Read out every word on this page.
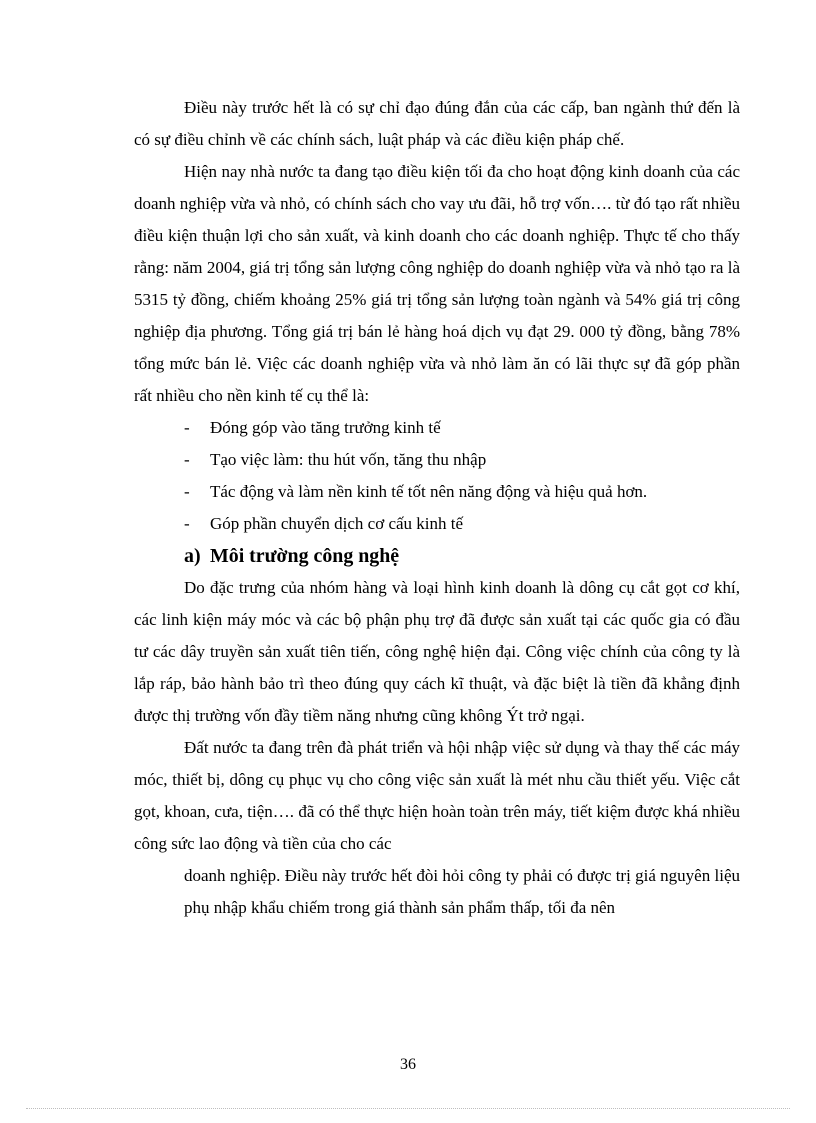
Điều này trước hết là có sự chỉ đạo đúng đắn của các cấp, ban ngành thứ đến là có sự điều chỉnh về các chính sách, luật pháp và các điều kiện pháp chế.

Hiện nay nhà nước ta đang tạo điều kiện tối đa cho hoạt động kinh doanh của các doanh nghiệp vừa và nhỏ, có chính sách cho vay ưu đãi, hỗ trợ vốn…. từ đó tạo rất nhiều điều kiện thuận lợi cho sản xuất, và kinh doanh cho các doanh nghiệp. Thực tế cho thấy rằng: năm 2004, giá trị tổng sản lượng công nghiệp do doanh nghiệp vừa và nhỏ tạo ra là 5315 tỷ đồng, chiếm khoảng 25% giá trị tổng sản lượng toàn ngành và 54% giá trị công nghiệp địa phương. Tổng giá trị bán lẻ hàng hoá dịch vụ đạt 29. 000 tỷ đồng, bằng 78% tổng mức bán lẻ. Việc các doanh nghiệp vừa và nhỏ làm ăn có lãi thực sự đã góp phần rất nhiều cho nền kinh tế cụ thể là:

- Đóng góp vào tăng trưởng kinh tế
- Tạo việc làm: thu hút vốn, tăng thu nhập
- Tác động và làm nền kinh tế tốt nên năng động và hiệu quả hơn.
- Góp phần chuyển dịch cơ cấu kinh tế
a) Môi trường công nghệ

Do đặc trưng của nhóm hàng và loại hình kinh doanh là dông cụ cắt gọt cơ khí, các linh kiện máy móc và các bộ phận phụ trợ đã được sản xuất tại các quốc gia có đầu tư các dây truyền sản xuất tiên tiến, công nghệ hiện đại. Công việc chính của công ty là lắp ráp, bảo hành bảo trì theo đúng quy cách kĩ thuật, và đặc biệt là tiền đã khẳng định được thị trường vốn đầy tiềm năng nhưng cũng không Ýt trở ngại.

Đất nước ta đang trên đà phát triển và hội nhập việc sử dụng và thay thế các máy móc, thiết bị, dông cụ phục vụ cho công việc sản xuất là mét nhu cầu thiết yếu. Việc cắt gọt, khoan, cưa, tiện…. đã có thể thực hiện hoàn toàn trên máy, tiết kiệm được khá nhiều công sức lao động và tiền của cho các

doanh nghiệp. Điều này trước hết đòi hỏi công ty phải có được trị giá nguyên liệu phụ nhập khẩu chiếm trong giá thành sản phẩm thấp, tối đa nên

36
